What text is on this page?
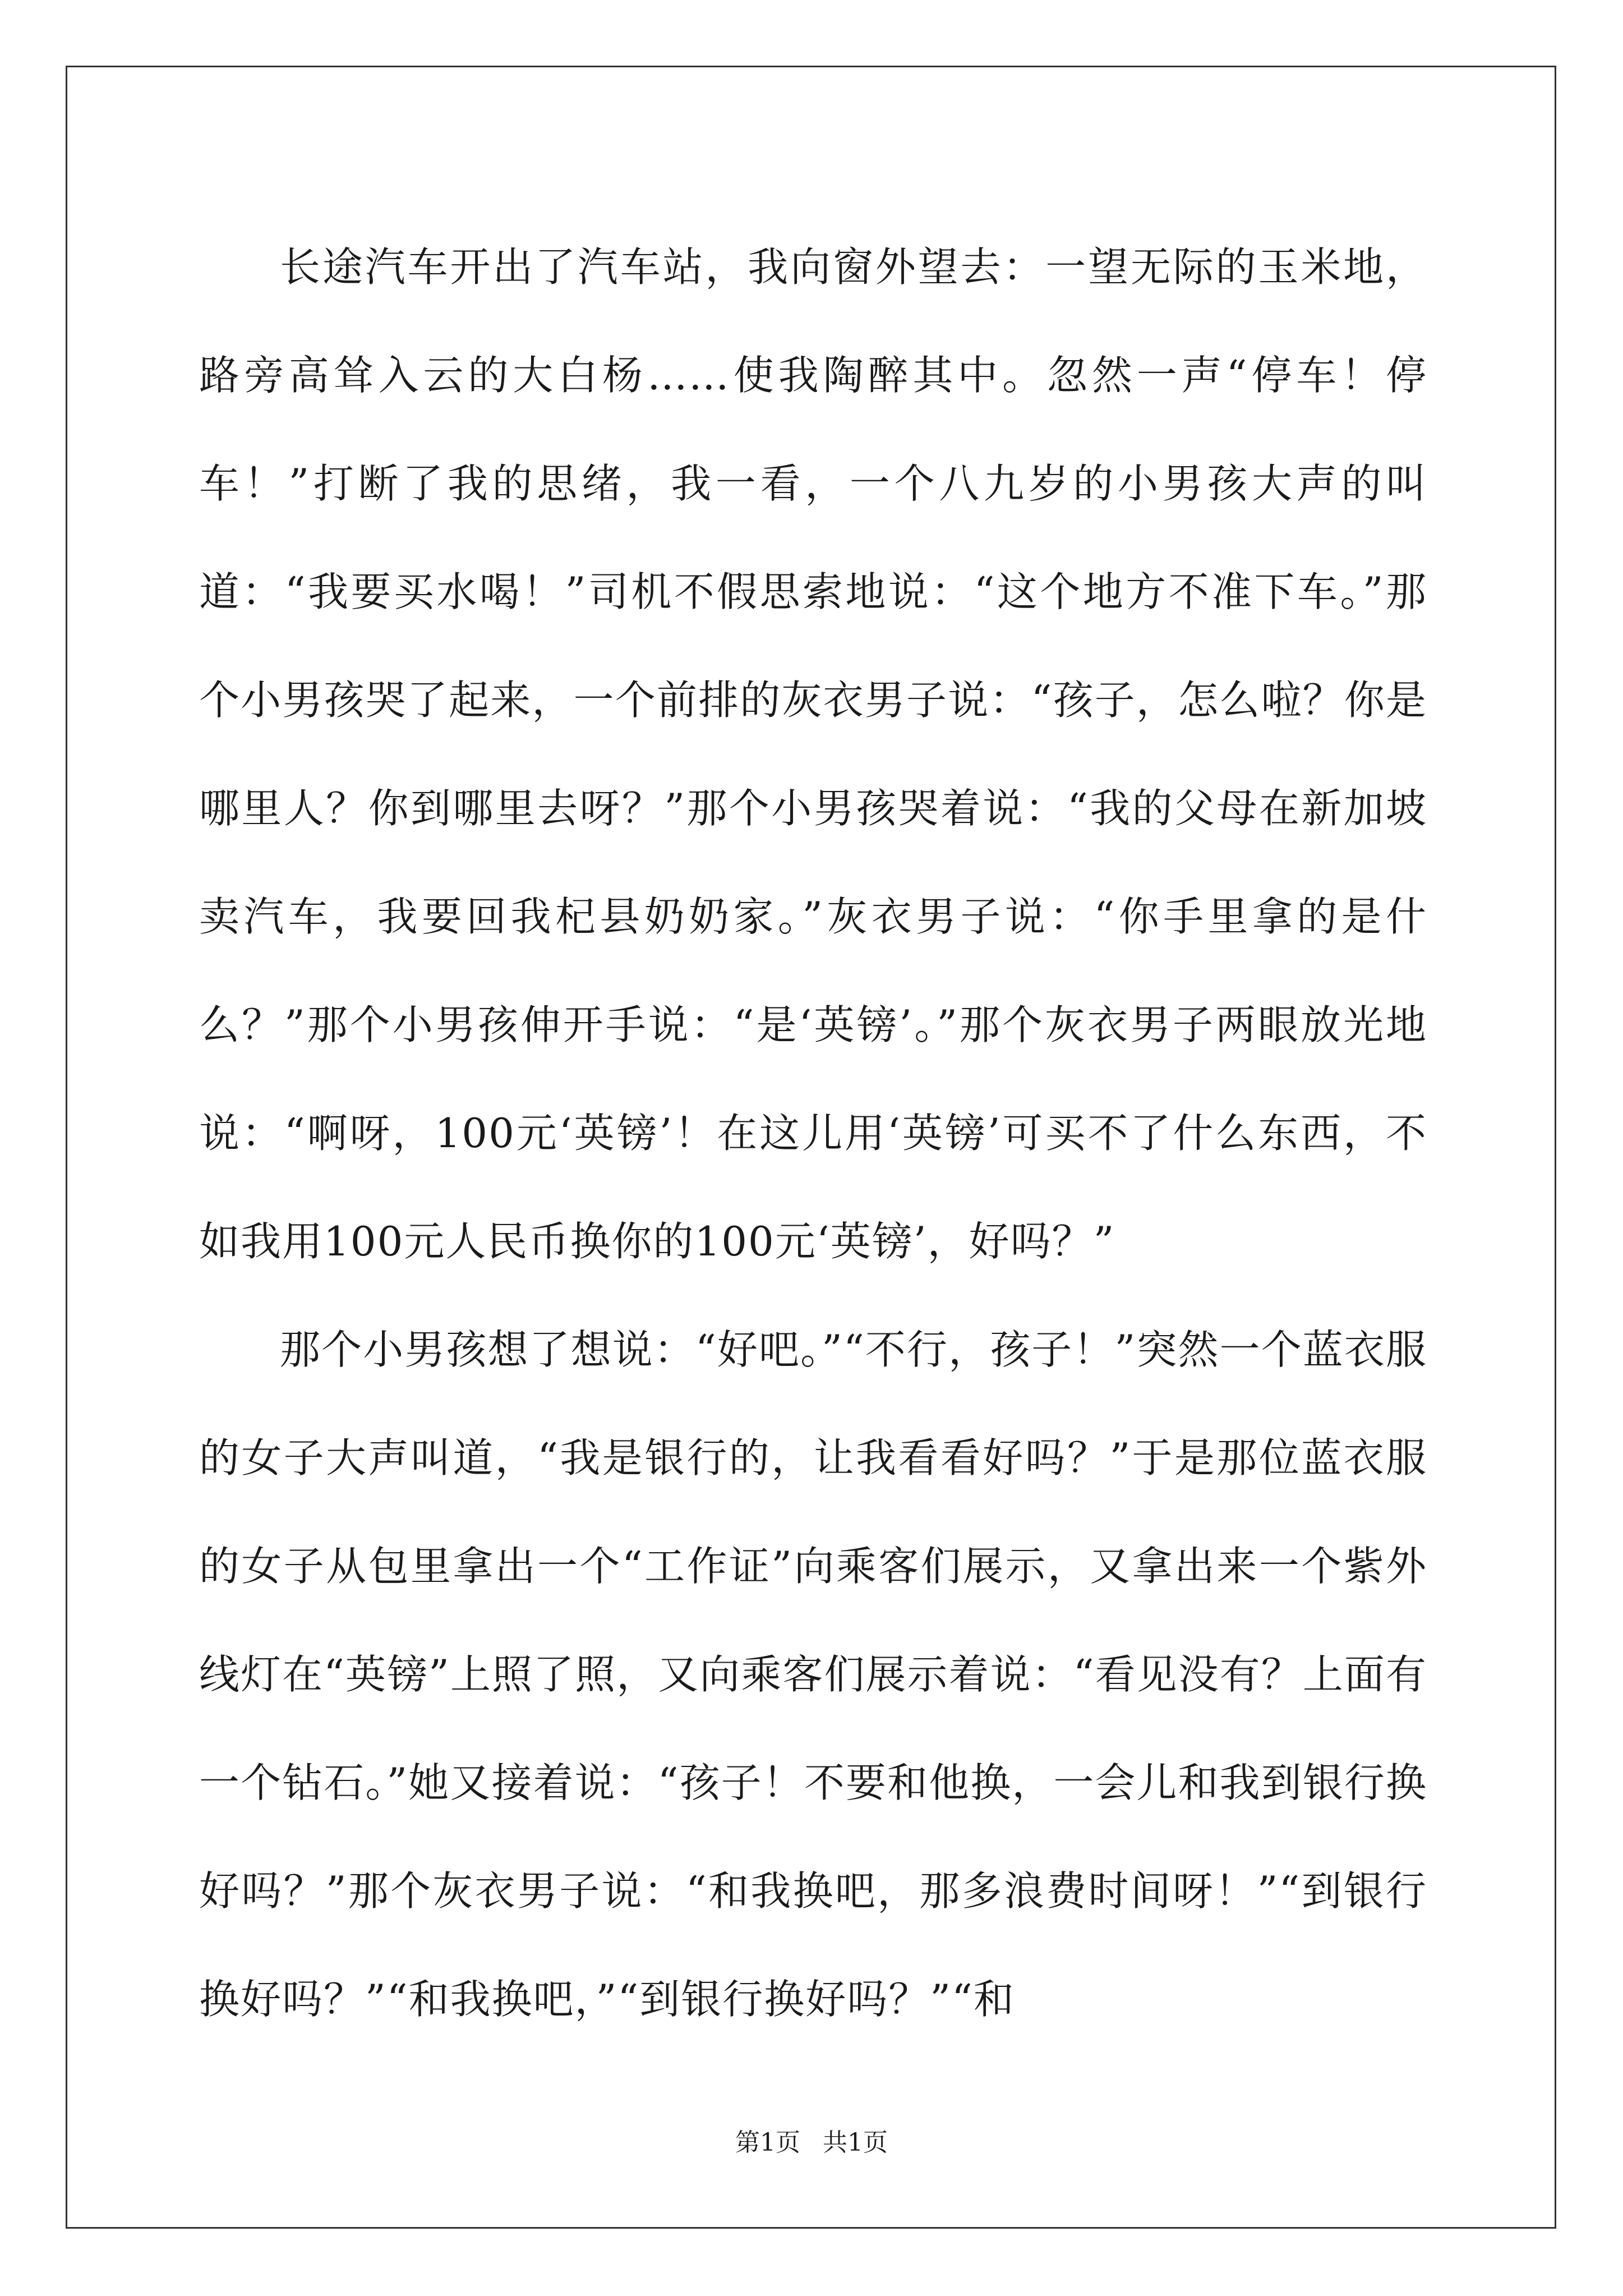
长途汽车开出了汽车站，我向窗外望去：一望无际的玉米地，路旁高耸入云的大白杨……使我陶醉其中。忽然一声“停车！停车！”打断了我的思绪，我一看，一个八九岁的小男孩大声的叫道：“我要买水喝！”司机不假思索地说：“这个地方不准下车。”那个小男孩哭了起来，一个前排的灰衣男子说：“孩子，怎么啦？你是哪里人？你到哪里去呀？”那个小男孩哭着说：“我的父母在新加坡卖汽车，我要回我杞县奶奶家。”灰衣男子说：“你手里拿的是什么？”那个小男孩伸开手说：“是‘英镑’。”那个灰衣男子两眼放光地说：“啊呀，100元‘英镑’！在这儿用‘英镑’可买不了什么东西，不如我用100元人民币换你的100元‘英镑’，好吗？”

那个小男孩想了想说：“好吧。”“不行，孩子！”突然一个蓝衣服的女子大声叫道，“我是银行的，让我看看好吗？”于是那位蓝衣服的女子从包里拿出一个“工作证”向乘客们展示，又拿出来一个紫外线灯在“英镑”上照了照，又向乘客们展示着说：“看见没有？上面有一个钻石。”她又接着说：“孩子！不要和他换，一会儿和我到银行换好吗？”那个灰衣男子说：“和我换吧，那多浪费时间呀！”“到银行换好吗？”“和我换吧，”“到银行换好吗？”“和

第1页 共1页
